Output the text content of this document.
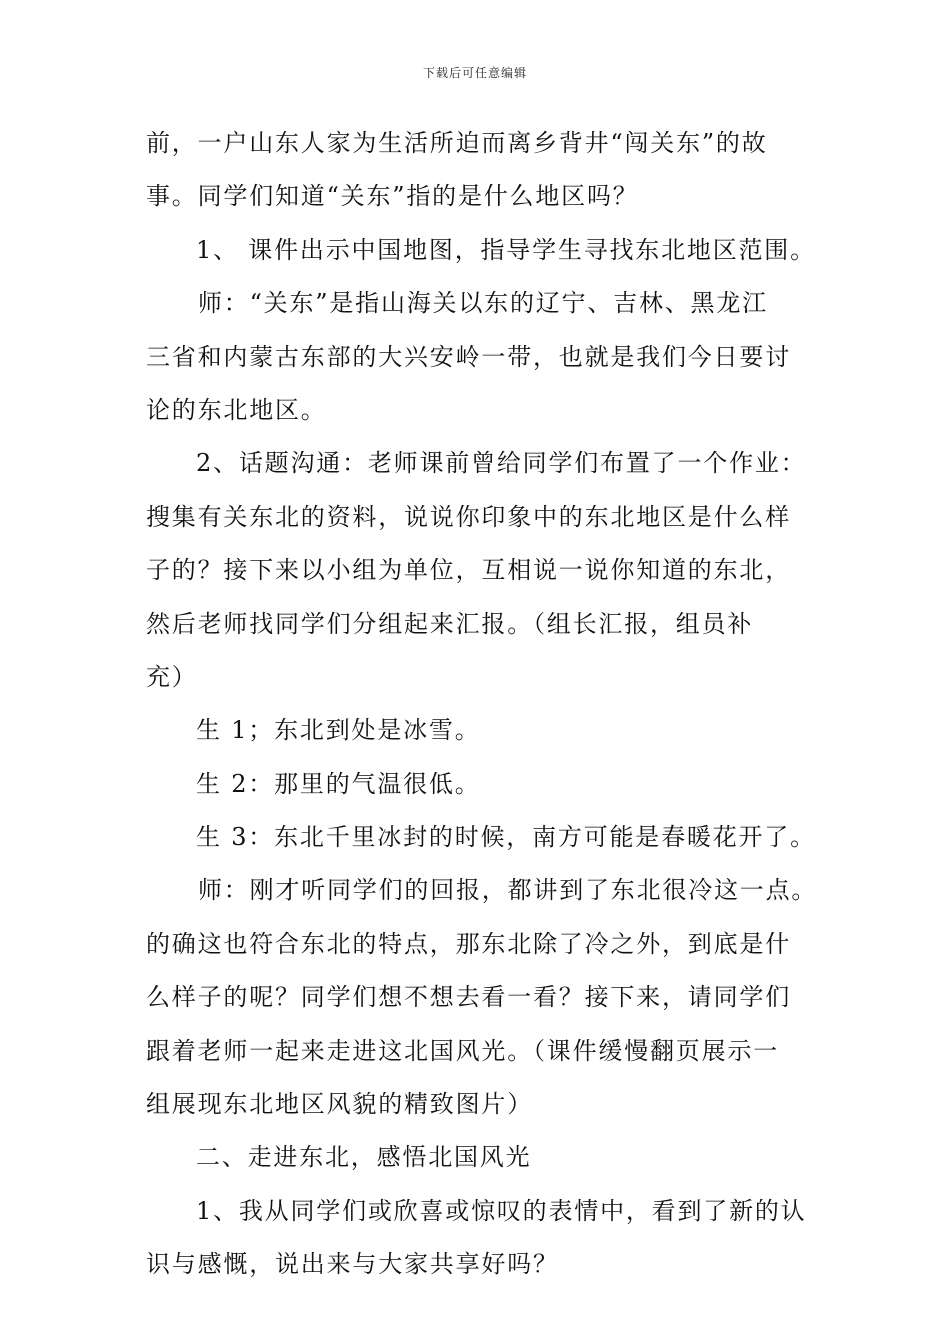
下载后可任意编辑
前，一户山东人家为生活所迫而离乡背井“闯关东”的故
事。同学们知道“关东”指的是什么地区吗？
1、 课件出示中国地图，指导学生寻找东北地区范围。
师：“关东”是指山海关以东的辽宁、吉林、黑龙江
三省和内蒙古东部的大兴安岭一带，也就是我们今日要讨
论的东北地区。
2、话题沟通：老师课前曾给同学们布置了一个作业：
搜集有关东北的资料，说说你印象中的东北地区是什么样
子的？接下来以小组为单位，互相说一说你知道的东北，
然后老师找同学们分组起来汇报。（组长汇报，组员补
充）
生 1；东北到处是冰雪。
生 2：那里的气温很低。
生 3：东北千里冰封的时候，南方可能是春暖花开了。
师：刚才听同学们的回报，都讲到了东北很冷这一点。
的确这也符合东北的特点，那东北除了冷之外，到底是什
么样子的呢？同学们想不想去看一看？接下来，请同学们
跟着老师一起来走进这北国风光。（课件缓慢翻页展示一
组展现东北地区风貌的精致图片）
二、走进东北，感悟北国风光
1、我从同学们或欣喜或惊叹的表情中，看到了新的认
识与感慨，说出来与大家共享好吗？
